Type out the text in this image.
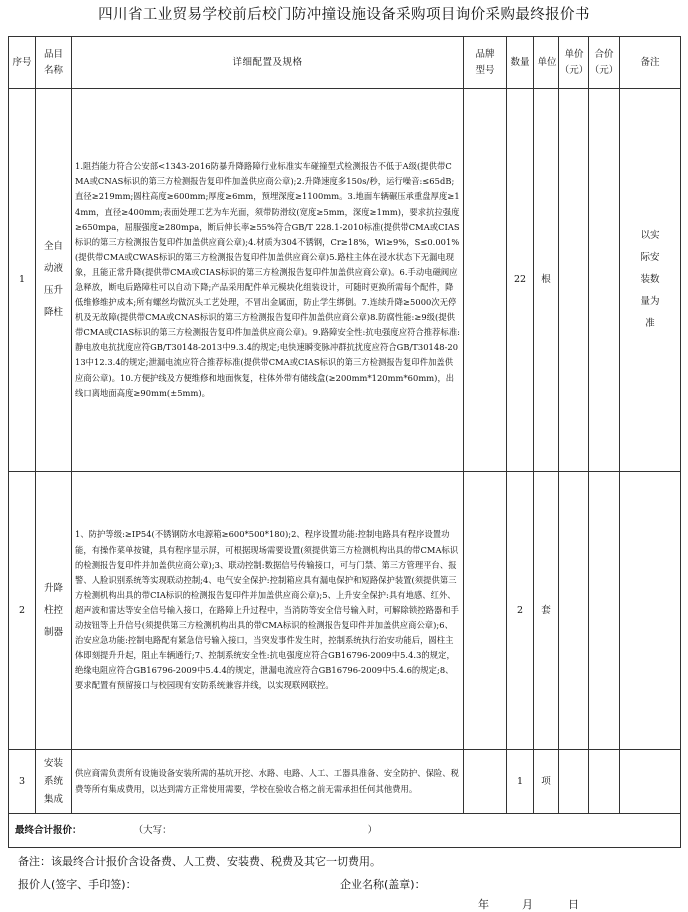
四川省工业贸易学校前后校门防冲撞设施设备采购项目询价采购最终报价书
序号	品目名称	详细配置及规格	品牌型号	数量	单位	单价（元）	合价（元）	备注
1	全自动液压升降柱	1.阻挡能力符合公安部<1343-2016防暴升降路障行业标准实车碰撞型式检测报告不低于A级(提供带CMA或CNAS标识的第三方检测报告复印件加盖供应商公章);2.升降速度多150s/秒，运行噪音:≤65dB;直径≥219mm;圆柱高度≥600mm;厚度≥6mm，预埋深度≥1100mm。3.地面车辆碾压承重盘厚度≥14mm，直径≥400mm;表面处理工艺为车光面，须带防滑纹(宽度≥5mm，深度≥1mm)，要求抗拉强度≥650mpa，屈服强度≥280mpa，断后伸长率≥55%符合GB/T 228.1-2010标准(提供带CMA或CIAS标识的第三方检测报告复印件加盖供应商公章);4.材质为304不锈钢，Cr≥18%，Wi≥9%，S≤0.001%(提供带CMA或CWAS标识的第三方检测报告复印件加盖供应商公章)5.路柱主体在浸水状态下无漏电现象，且能正常升降(提供带CMA或CIAS标识的第三方检测报告复印件加盖供应商公章)。6.手动电磁阀应急释放，断电后路障柱可以自动下降;产品采用配件单元模块化组装设计，可随时更换所需每个配件，降低维修维护成本;所有螺丝均做沉头工艺处理，不冒出金属面，防止学生绑倒。7.连续升降≥5000次无停机及无故障(提供带CMA或CNAS标识的第三方检测报告复印件加盖供应商公章)8.防腐性能:≥9级(提供带CMA或CIAS标识的第三方检测报告复印件加盖供应商公章)。9.路障安全性:抗电强度应符合推荐标准:静电放电抗扰度应符GB/T30148-2013中9.3.4的规定;电快速瞬变脉冲群抗扰度应符合GB/T30148-2013中12.3.4的规定;泄漏电流应符合推荐标准(提供带CMA或CIAS标识的第三方检测报告复印件加盖供应商公章)。10.方便护线及方便维修和地面恢复，柱体外带有储线盒(≥200mm*120mm*60mm)，出线口离地面高度≥90mm(±5mm)。		22	根			以实际安装数量为准
2	升降柱控制器	1、防护等级:≥IP54(不锈钢防水电源箱≥600*500*180);2、程序设置功能:控制电路具有程序设置功能，有操作菜单按键，具有程序显示屏，可根据现场需要设置(须提供第三方检测机构出具的带CMA标识的检测报告复印件并加盖供应商公章);3、联动控制:数据信号传输接口，可与门禁、第三方管理平台、报警、人脸识别系统等实现联动控制;4、电气安全保护:控制箱应具有漏电保护和短路保护装置(须提供第三方检测机构出具的带CIA标识的检测报告复印件并加盖供应商公章);5、上升安全保护:具有地感、红外、超声波和雷达等安全信号输入接口，在路障上升过程中，当消防等安全信号输入时，可解除锁控路器和手动按钮等上升信号(须提供第三方检测机构出具的带CMA标识的检测报告复印件并加盖供应商公章);6、治安应急功能:控制电路配有紧急信号输入接口，当突发事件发生时，控制系统执行治安功能后，圆柱主体即刻提升升起，阻止车辆通行;7、控制系统安全性:抗电强度应符合GB16796-2009中5.4.3的规定，绝缘电阻应符合GB16796-2009中5.4.4的规定，泄漏电流应符合GB16796-2009中5.4.6的规定;8、要求配置有预留接口与校园现有安防系统兼容并线，以实现联网联控。		2	套			
3	安装系统集成	供应商需负责所有设施设备安装所需的基坑开挖、水路、电路、人工、工器具准备、安全防护、保险、税费等所有集成费用，以达到需方正常使用需要，学校在验收合格之前无需承担任何其他费用。		1	项			
最终合计报价： （大写： ）								
备注：该最终合计报价含设备费、人工费、安装费、税费及其它一切费用。
报价人(签字、手印签)：	企业名称(盖章)：
年	月	日
